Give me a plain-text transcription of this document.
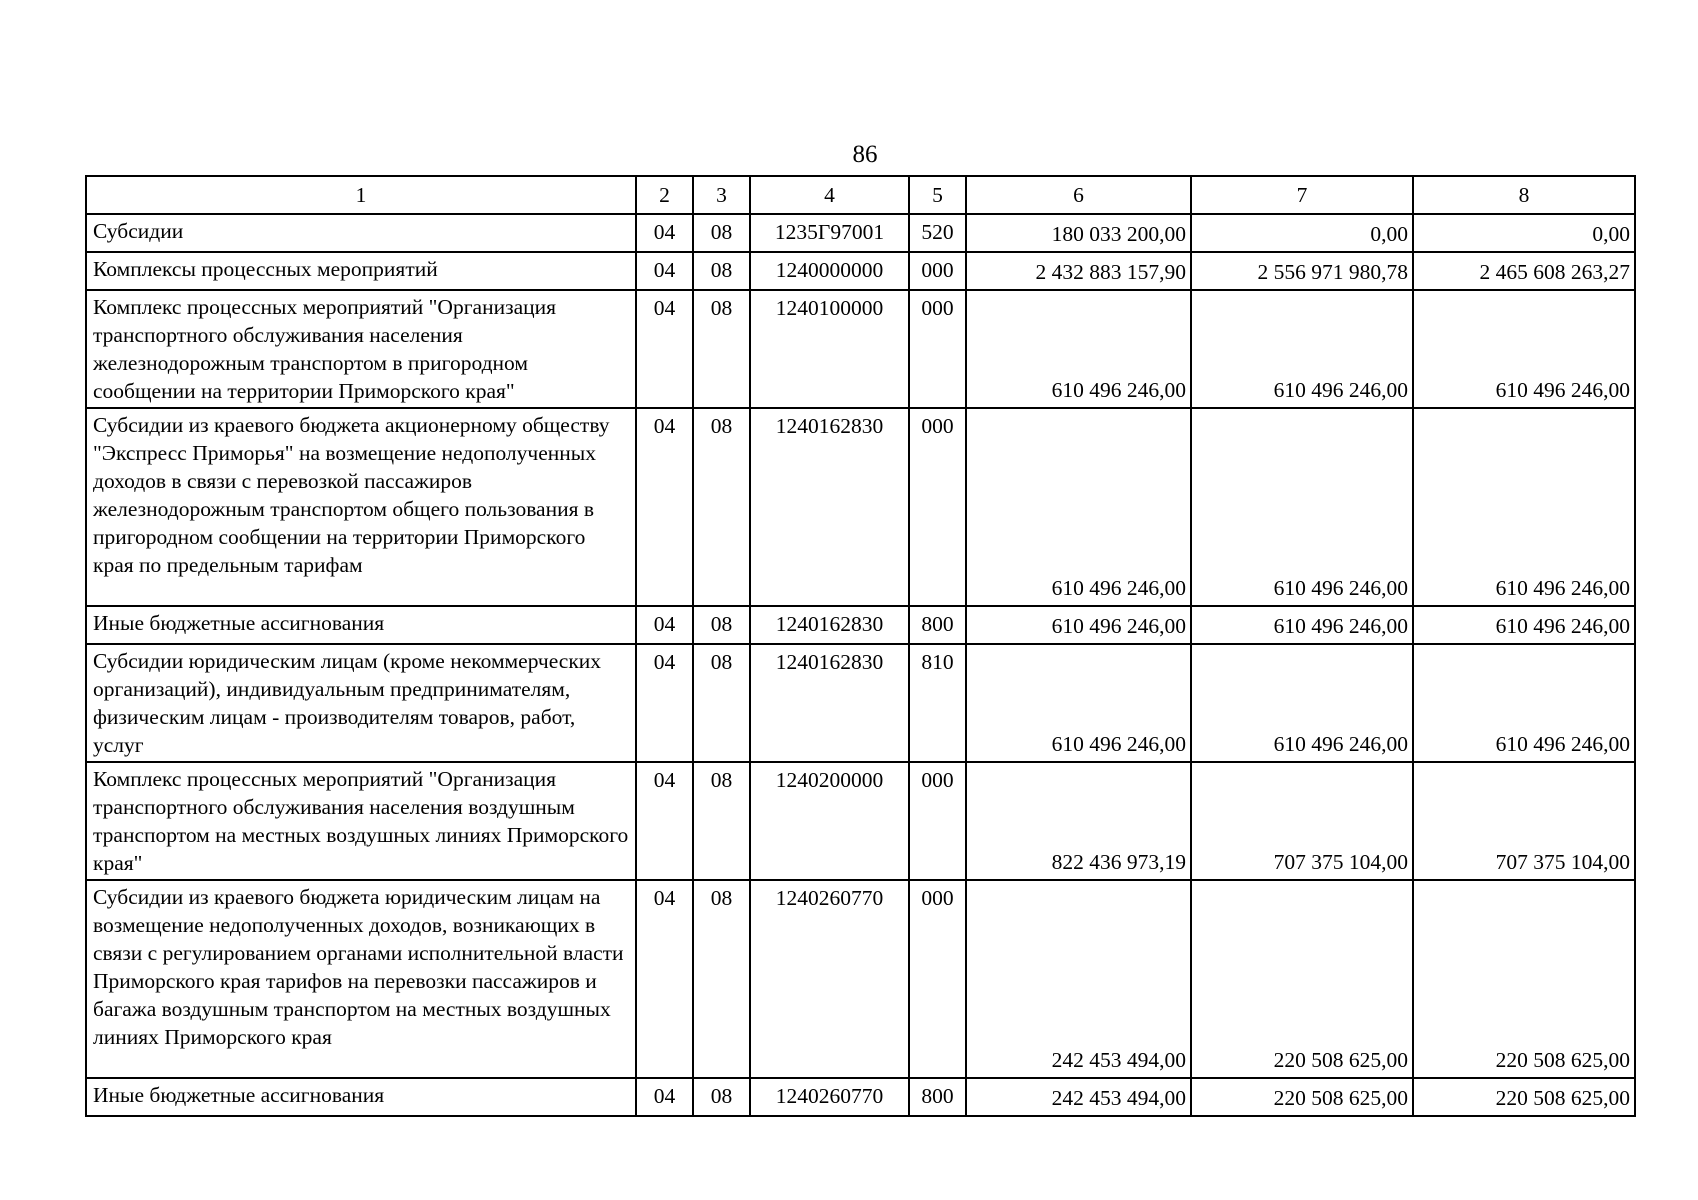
86
1	2	3	4	5	6	7	8
Субсидии	04	08	1235Г97001	520	180 033 200,00	0,00	0,00
Комплексы процессных мероприятий	04	08	1240000000	000	2 432 883 157,90	2 556 971 980,78	2 465 608 263,27
Комплекс процессных мероприятий "Организация транспортного обслуживания населения железнодорожным транспортом в пригородном сообщении на территории Приморского края"	04	08	1240100000	000	610 496 246,00	610 496 246,00	610 496 246,00
Субсидии из краевого бюджета акционерному обществу "Экспресс Приморья" на возмещение недополученных доходов в связи с перевозкой пассажиров железнодорожным транспортом общего пользования в пригородном сообщении на территории Приморского края по предельным тарифам	04	08	1240162830	000	610 496 246,00	610 496 246,00	610 496 246,00
Иные бюджетные ассигнования	04	08	1240162830	800	610 496 246,00	610 496 246,00	610 496 246,00
Субсидии юридическим лицам (кроме некоммерческих организаций), индивидуальным предпринимателям, физическим лицам - производителям товаров, работ, услуг	04	08	1240162830	810	610 496 246,00	610 496 246,00	610 496 246,00
Комплекс процессных мероприятий "Организация транспортного обслуживания населения воздушным транспортом на местных воздушных линиях Приморского края"	04	08	1240200000	000	822 436 973,19	707 375 104,00	707 375 104,00
Субсидии из краевого бюджета юридическим лицам на возмещение недополученных доходов, возникающих в связи с регулированием органами исполнительной власти Приморского края тарифов на перевозки пассажиров и багажа воздушным транспортом на местных воздушных линиях Приморского края	04	08	1240260770	000	242 453 494,00	220 508 625,00	220 508 625,00
Иные бюджетные ассигнования	04	08	1240260770	800	242 453 494,00	220 508 625,00	220 508 625,00
